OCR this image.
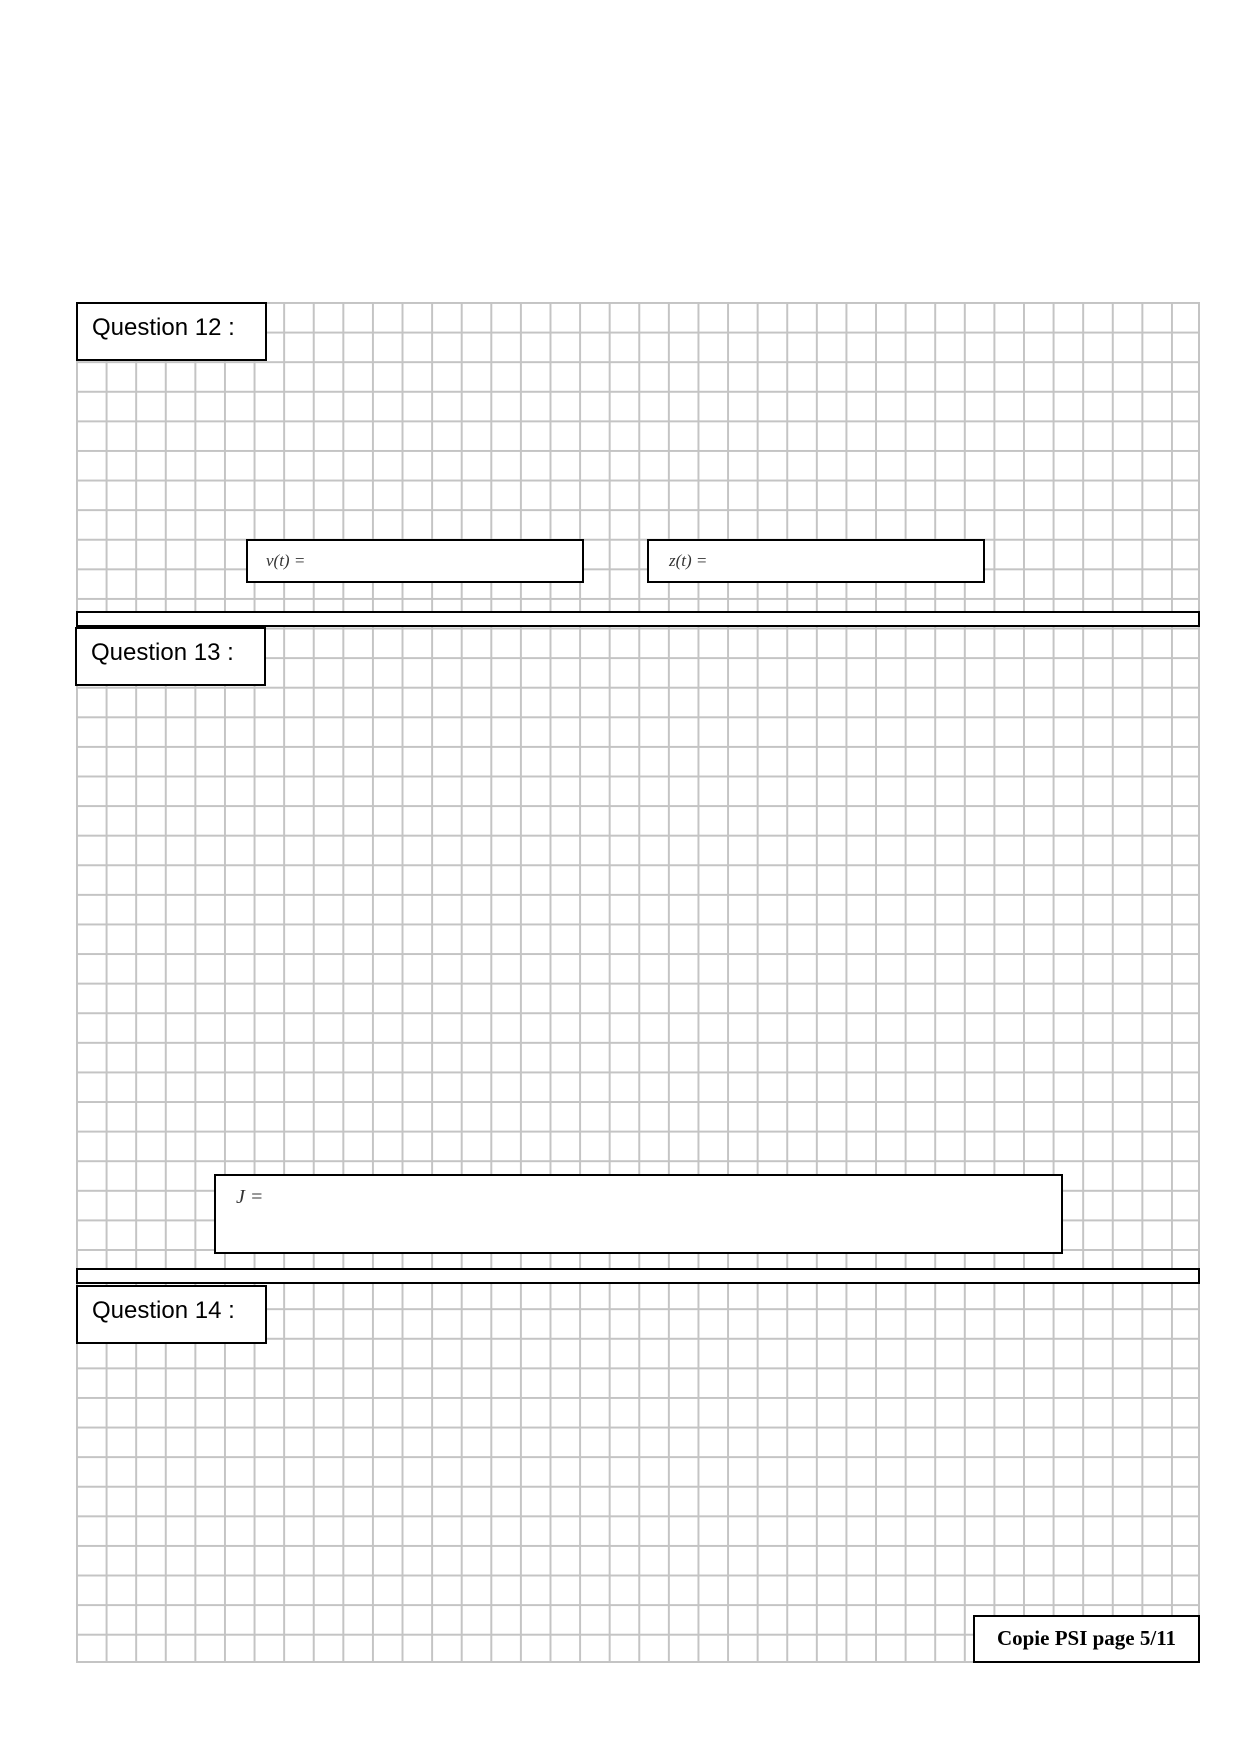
Question 12 :
v(t) =	z(t) =
Question 13 :
J =
Question 14 :
Copie PSI page 5/11
